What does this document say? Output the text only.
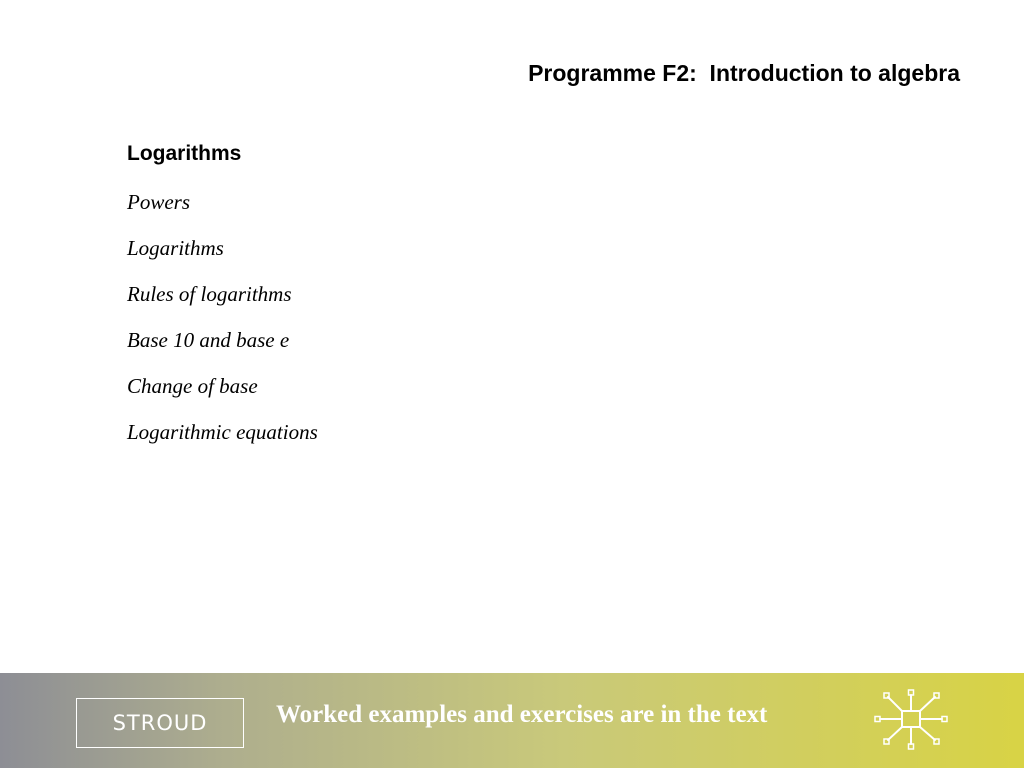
Programme F2:  Introduction to algebra
Logarithms
Powers
Logarithms
Rules of logarithms
Base 10 and base e
Change of base
Logarithmic equations
STROUD	Worked examples and exercises are in the text
